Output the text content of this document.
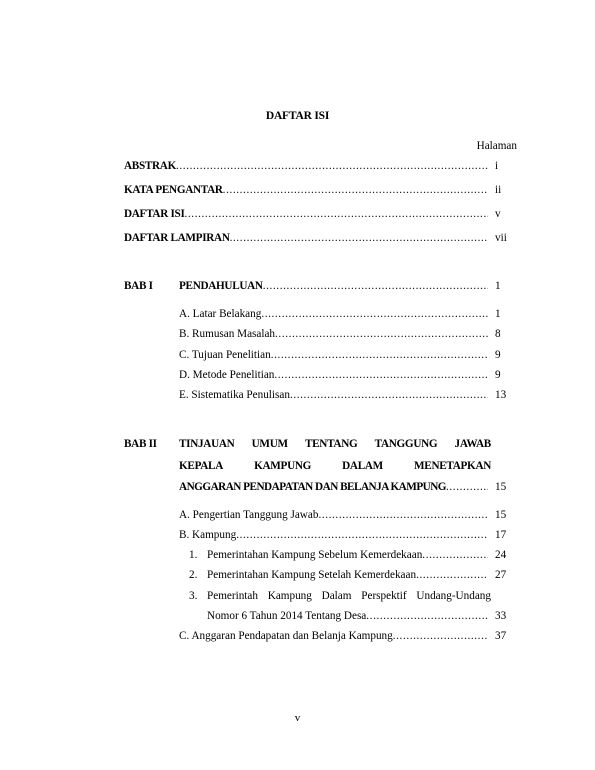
DAFTAR ISI
Halaman
ABSTRAK .....	i
KATA PENGANTAR .....	ii
DAFTAR ISI .....	v
DAFTAR LAMPIRAN .....	vii
BAB I PENDAHULUAN .....	1
A. Latar Belakang .....	1
B. Rumusan Masalah .....	8
C. Tujuan Penelitian .....	9
D. Metode Penelitian .....	9
E. Sistematika Penulisan .....	13
BAB II TINJAUAN UMUM TENTANG TANGGUNG JAWAB
KEPALA	KAMPUNG	DALAM	MENETAPKAN
ANGGARAN PENDAPATAN DAN BELANJA KAMPUNG .....	15
A. Pengertian Tanggung Jawab .....	15
B. Kampung .....	17
1. Pemerintahan Kampung Sebelum Kemerdekaan .....	24
2. Pemerintahan Kampung Setelah Kemerdekaan .....	27
3. Pemerintah Kampung Dalam Perspektif Undang-Undang
Nomor 6 Tahun 2014 Tentang Desa .....	33
C. Anggaran Pendapatan dan Belanja Kampung .....	37
v
